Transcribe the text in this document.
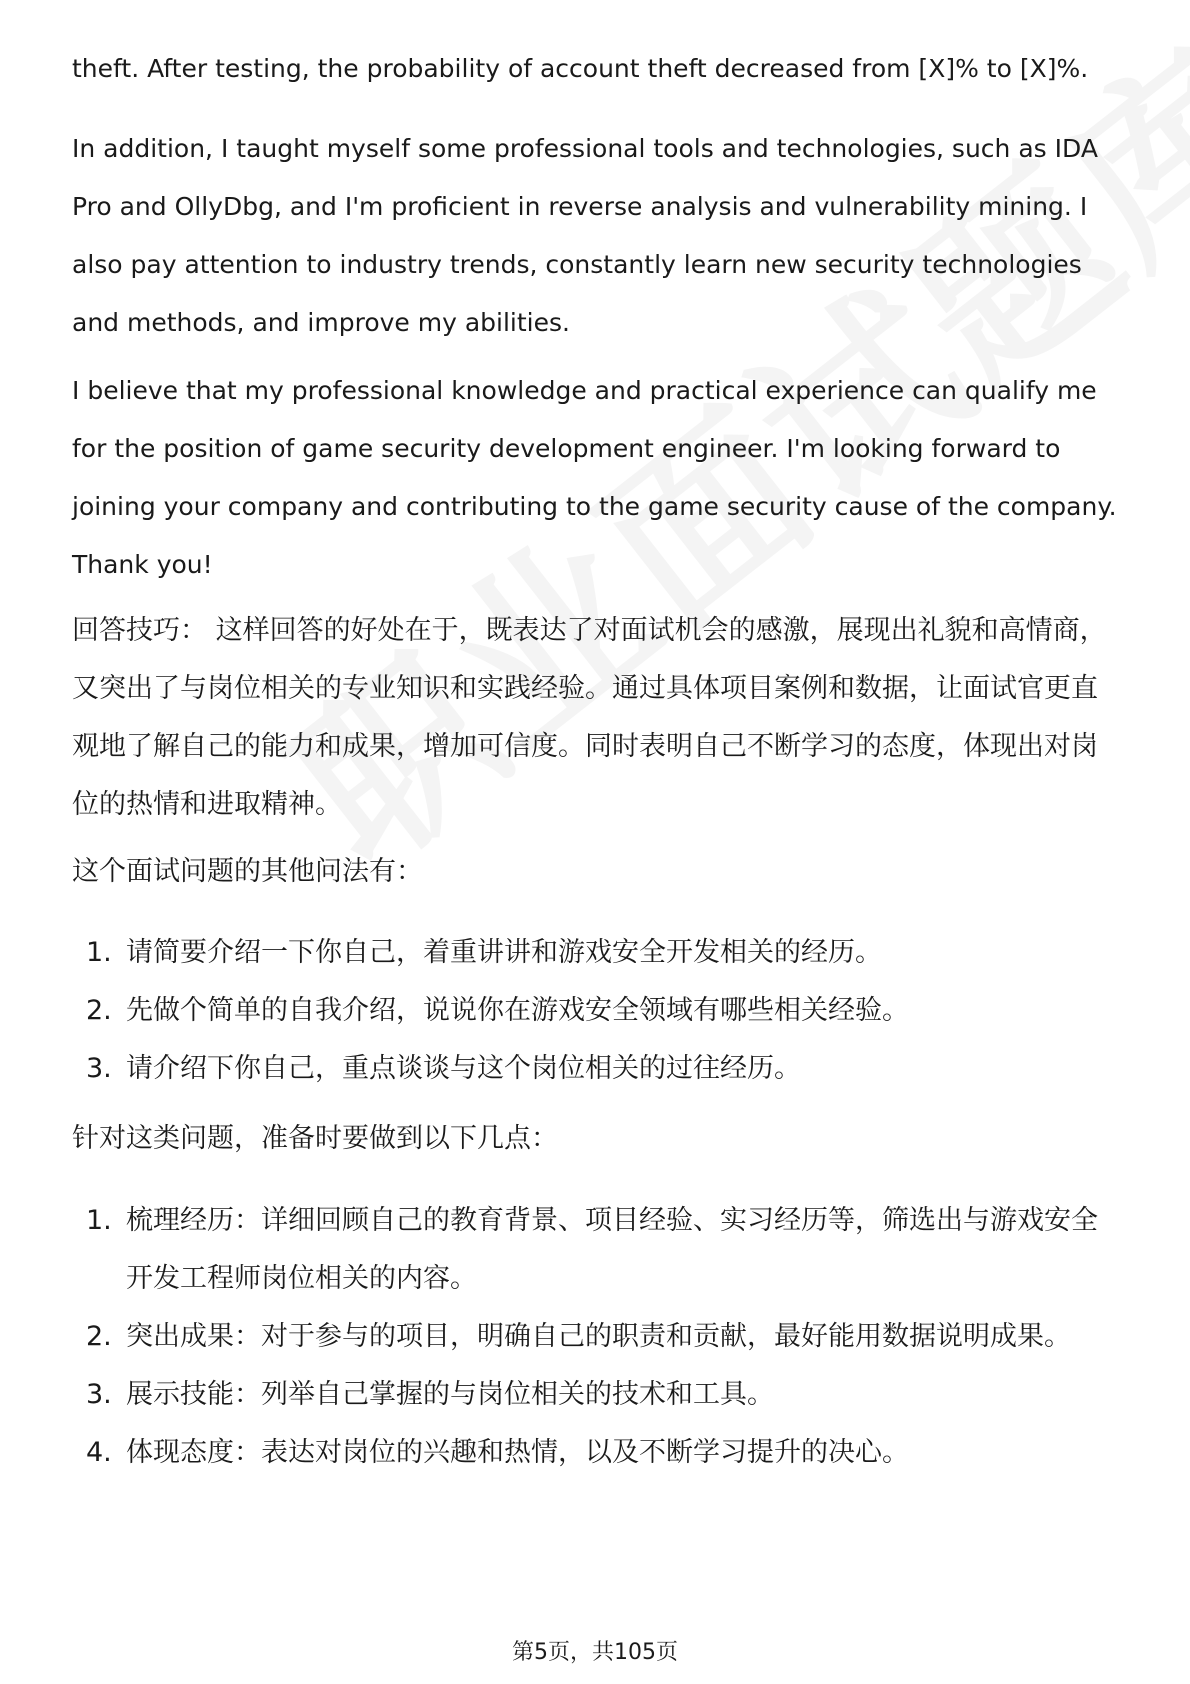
theft. After testing, the probability of account theft decreased from [X]% to [X]%.

In addition, I taught myself some professional tools and technologies, such as IDA Pro and OllyDbg, and I'm proficient in reverse analysis and vulnerability mining. I also pay attention to industry trends, constantly learn new security technologies and methods, and improve my abilities.

I believe that my professional knowledge and practical experience can qualify me for the position of game security development engineer. I'm looking forward to joining your company and contributing to the game security cause of the company. Thank you!

回答技巧： 这样回答的好处在于，既表达了对面试机会的感激，展现出礼貌和高情商，又突出了与岗位相关的专业知识和实践经验。通过具体项目案例和数据，让面试官更直观地了解自己的能力和成果，增加可信度。同时表明自己不断学习的态度，体现出对岗位的热情和进取精神。

这个面试问题的其他问法有：

1. 请简要介绍一下你自己，着重讲讲和游戏安全开发相关的经历。
2. 先做个简单的自我介绍，说说你在游戏安全领域有哪些相关经验。
3. 请介绍下你自己，重点谈谈与这个岗位相关的过往经历。

针对这类问题，准备时要做到以下几点：

1. 梳理经历：详细回顾自己的教育背景、项目经验、实习经历等，筛选出与游戏安全开发工程师岗位相关的内容。
2. 突出成果：对于参与的项目，明确自己的职责和贡献，最好能用数据说明成果。
3. 展示技能：列举自己掌握的与岗位相关的技术和工具。
4. 体现态度：表达对岗位的兴趣和热情，以及不断学习提升的决心。
第5页，共105页
